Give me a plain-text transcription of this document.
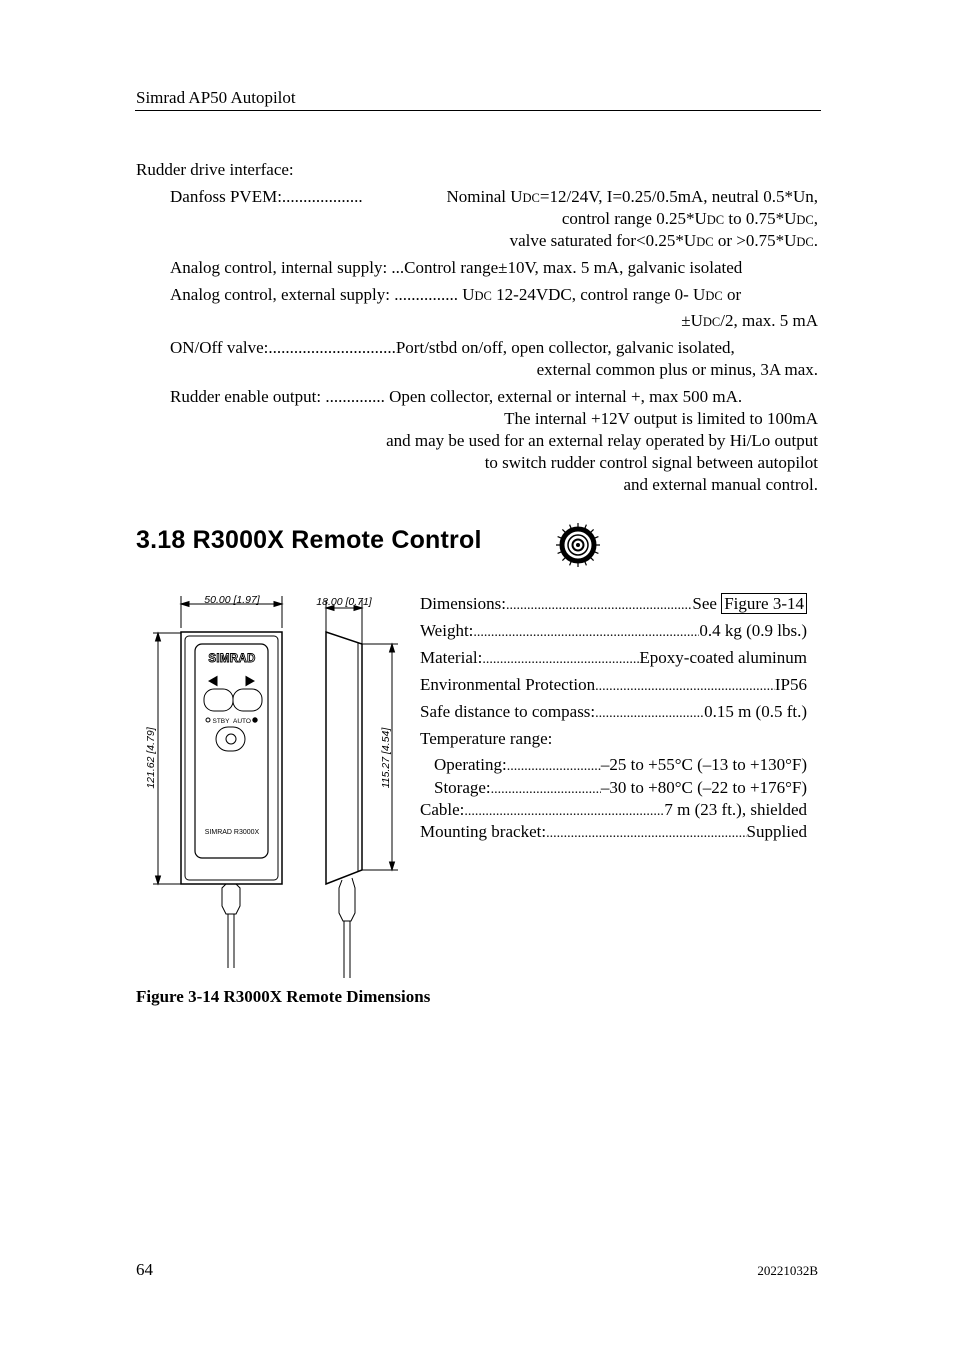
Simrad AP50 Autopilot
Rudder drive interface:
Danfoss PVEM:...................	Nominal UDC=12/24V, I=0.25/0.5mA, neutral 0.5*Un,
control range 0.25*UDC to 0.75*UDC,
valve saturated for<0.25*UDC or >0.75*UDC.
Analog control, internal supply: ...Control range±10V, max. 5 mA, galvanic isolated
Analog control, external supply: ............... UDC 12-24VDC, control range 0- UDC or
±UDC/2, max. 5 mA
ON/Off valve:..............................Port/stbd on/off, open collector, galvanic isolated,
external common plus or minus, 3A max.
Rudder enable output: .............. Open collector, external or internal +, max 500 mA.
The internal +12V output is limited to 100mA
and may be used for an external relay operated by Hi/Lo output
to switch rudder control signal between autopilot
and external manual control.
3.18 R3000X Remote Control
50.00 [1.97]	18.00 [0.71]
121.62 [4.79]	115.27 [4.54]
SIMRAD
STBY AUTO
SIMRAD R3000X
Dimensions: .....	See Figure 3-14
Weight: .....	0.4 kg (0.9 lbs.)
Material: .....	Epoxy-coated aluminum
Environmental Protection .....	IP56
Safe distance to compass: .....	0.15 m (0.5 ft.)
Temperature range:
Operating: .....	–25 to +55°C (–13 to +130°F)
Storage: .....	–30 to +80°C (–22 to +176°F)
Cable: .....	7 m (23 ft.), shielded
Mounting bracket: .....	Supplied
Figure 3-14 R3000X Remote Dimensions
64	20221032B
